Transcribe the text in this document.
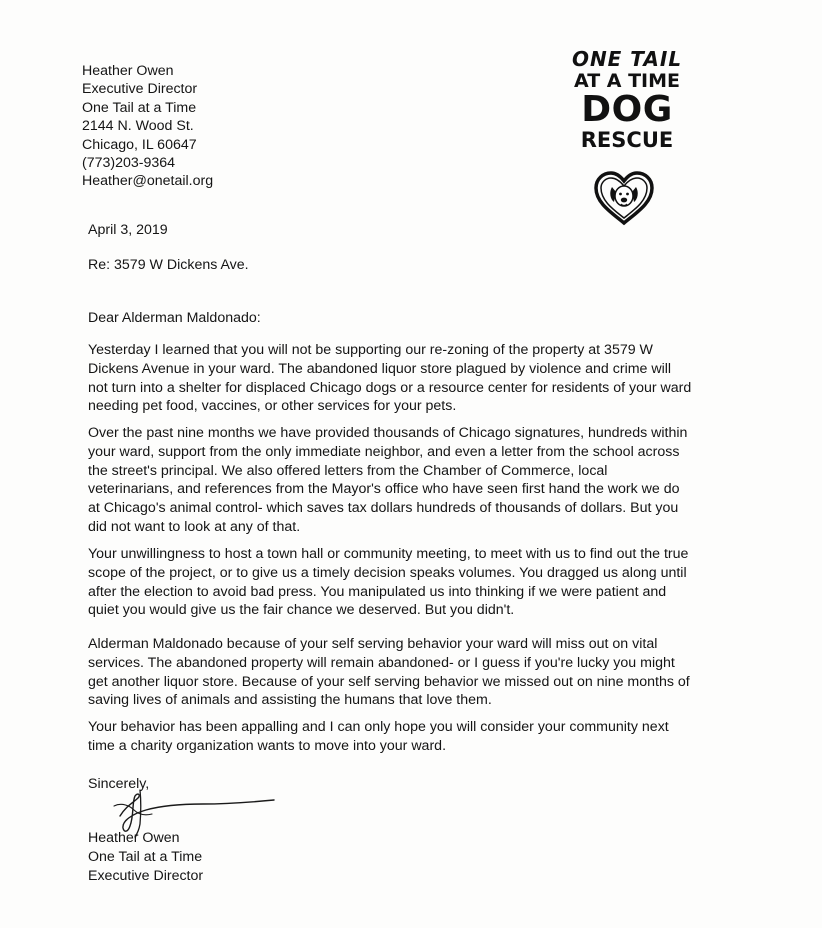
Heather Owen
Executive Director
One Tail at a Time
2144 N. Wood St.
Chicago, IL 60647
(773)203-9364
Heather@onetail.org
ONE TAIL
AT A TIME
DOG
RESCUE
April 3, 2019
Re: 3579 W Dickens Ave.
Dear Alderman Maldonado:
Yesterday I learned that you will not be supporting our re-zoning of the property at 3579 W
Dickens Avenue in your ward. The abandoned liquor store plagued by violence and crime will
not turn into a shelter for displaced Chicago dogs or a resource center for residents of your ward
needing pet food, vaccines, or other services for your pets.
Over the past nine months we have provided thousands of Chicago signatures, hundreds within
your ward, support from the only immediate neighbor, and even a letter from the school across
the street's principal. We also offered letters from the Chamber of Commerce, local
veterinarians, and references from the Mayor's office who have seen first hand the work we do
at Chicago's animal control- which saves tax dollars hundreds of thousands of dollars. But you
did not want to look at any of that.
Your unwillingness to host a town hall or community meeting, to meet with us to find out the true
scope of the project, or to give us a timely decision speaks volumes. You dragged us along until
after the election to avoid bad press. You manipulated us into thinking if we were patient and
quiet you would give us the fair chance we deserved. But you didn't.
Alderman Maldonado because of your self serving behavior your ward will miss out on vital
services. The abandoned property will remain abandoned- or I guess if you're lucky you might
get another liquor store. Because of your self serving behavior we missed out on nine months of
saving lives of animals and assisting the humans that love them.
Your behavior has been appalling and I can only hope you will consider your community next
time a charity organization wants to move into your ward.
Sincerely,
Heather Owen
One Tail at a Time
Executive Director
